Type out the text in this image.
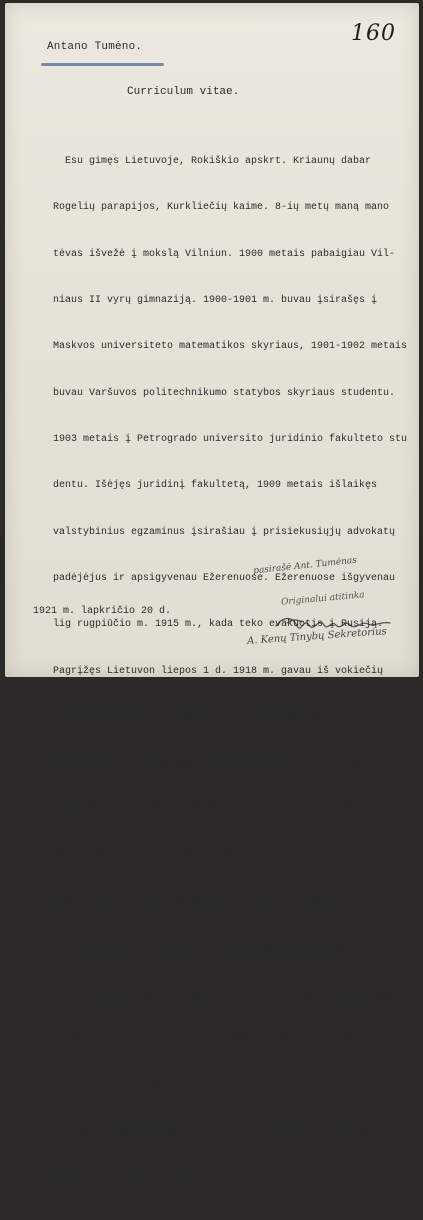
160
Antano Tumėno.
Curriculum vitae.

Esu gimęs Lietuvoje, Rokiškio apskrt. Kriaunų dabar

Rogelių parapijos, Kurkliečių kaime. 8-ių metų maną mano

tėvas išvežė į mokslą Vilniun. 1900 metais pabaigiau Vil-

niaus II vyrų gimnaziją. 1900-1901 m. buvau įsirašęs į

Maskvos universiteto matematikos skyriaus, 1901-1902 metais

buvau Varšuvos politechnikumo statybos skyriaus studentu.

1903 metais į Petrogrado universito juridinio fakulteto stu

dentu. Išėjęs juridinį fakultetą, 1909 metais išlaikęs

valstybinius egzaminus įsirašiau į prisiekusiųjų advokatų

padėjėjus ir apsigyvenau Ežerenuose. Ežerenuose išgyvenau

lig rugpiūčio m. 1915 m., kada teko evakuotis į Rusiją.

Pagrįžęs Lietuvon liepos 1 d. 1918 m. gavau iš vokiečių

leidimą užsiimti advokatura ir lig gruodžio 7 d. buvau

Rechtsanvalta. Gruodžio 7 dieną buvau pirmu Lietuvos Tei-

singumo Ministerio P. Leono pirmas paskirtas Taikos Teisėju

Rokiškio apskričiai. Užėjus Bolševikams pasilikau Ežerė-

nuose lietuvių gimnazijos vedėju. Perėjus bolševikų au-

drai 1919-1920 m. tarnavau Teisingumo Ministerijoje, Kalė-

jimų Departamento Direktorium lig išrinkimo į Steigiamojo

Seimo narius. Būdamas Steigiamojo Seimo nariu įstojau į

prisiekusiųjų advokatų skaičių.

Liuosu nuo privalomųjų darbų laiku užsiėmu Lietuvos

statutų ir Civilinė teisė.

pasirašė Ant. Tumėnas
Originalui atitinka
1921 m. lapkričio 20 d.
A. Kenų Tinybų Sekretorius
